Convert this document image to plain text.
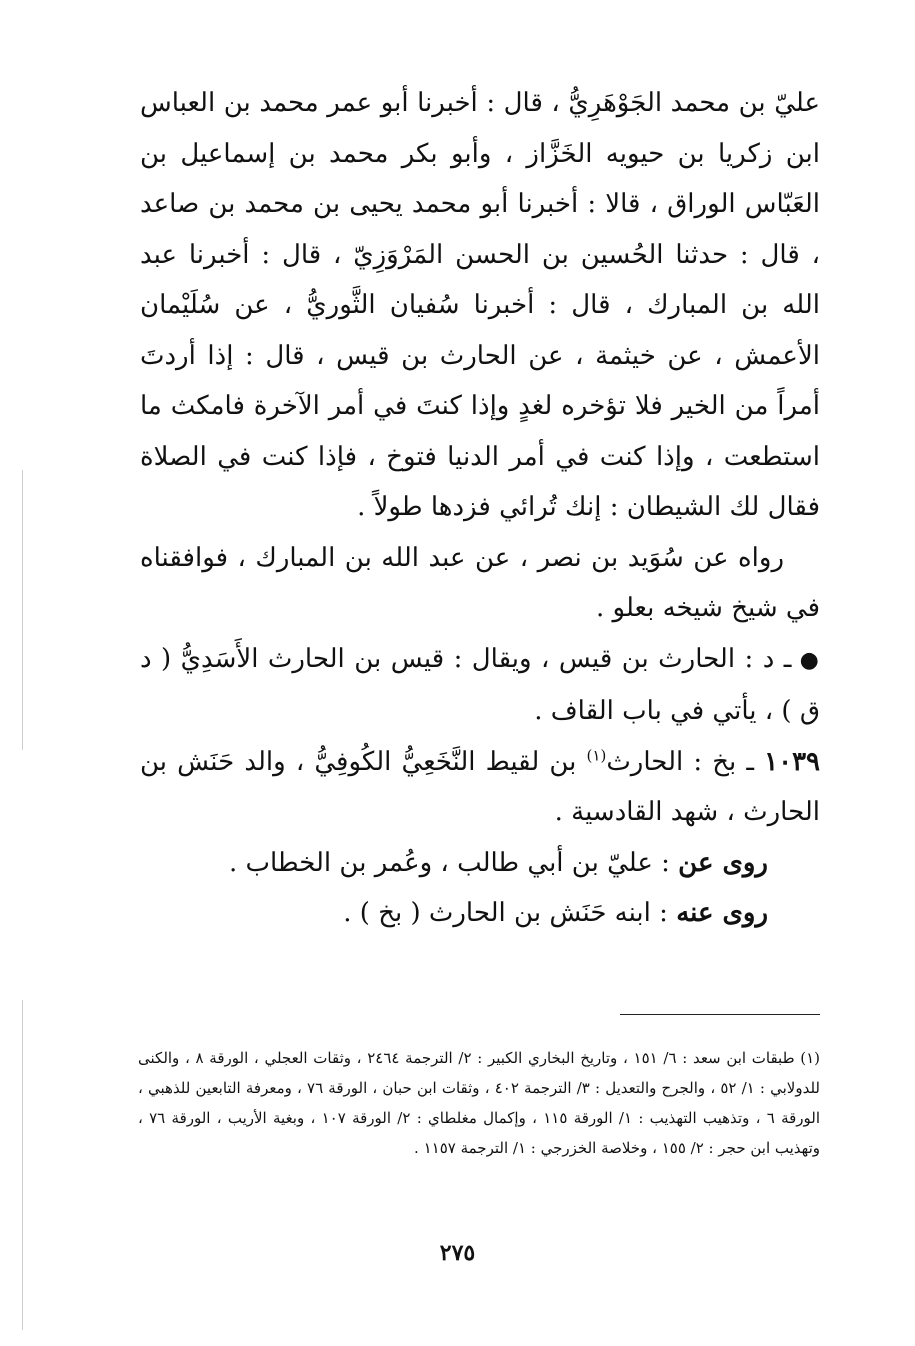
عليّ بن محمد الجَوْهَرِيُّ ، قال : أخبرنا أبو عمر محمد بن العباس ابن زكريا بن حيويه الخَزَّاز ، وأبو بكر محمد بن إسماعيل بن العَبّاس الوراق ، قالا : أخبرنا أبو محمد يحيى بن محمد بن صاعد ، قال : حدثنا الحُسين بن الحسن المَرْوَزِيّ ، قال : أخبرنا عبد الله بن المبارك ، قال : أخبرنا سُفيان الثَّوريُّ ، عن سُلَيْمان الأعمش ، عن خيثمة ، عن الحارث بن قيس ، قال : إذا أردتَ أمراً من الخير فلا تؤخره لغدٍ وإذا كنتَ في أمر الآخرة فامكث ما استطعت ، وإذا كنت في أمر الدنيا فتوخ ، فإذا كنت في الصلاة فقال لك الشيطان : إنك تُرائي فزدها طولاً .

رواه عن سُوَيد بن نصر ، عن عبد الله بن المبارك ، فوافقناه في شيخ شيخه بعلو .

● ـ د : الحارث بن قيس ، ويقال : قيس بن الحارث الأَسَدِيُّ ( د ق ) ، يأتي في باب القاف .

١٠٣٩ ـ بخ : الحارث$^{(١)}$ بن لقيط النَّخَعِيُّ الكُوفِيُّ ، والد حَنَش بن الحارث ، شهد القادسية .

روى عن : عليّ بن أبي طالب ، وعُمر بن الخطاب .

روى عنه : ابنه حَنَش بن الحارث ( بخ ) .

(١) طبقات ابن سعد : ٦/ ١٥١ ، وتاريخ البخاري الكبير : ٢/ الترجمة ٢٤٦٤ ، وثقات العجلي ، الورقة ٨ ، والكنى للدولابي : ١/ ٥٢ ، والجرح والتعديل : ٣/ الترجمة ٤٠٢ ، وثقات ابن حبان ، الورقة ٧٦ ، ومعرفة التابعين للذهبي ، الورقة ٦ ، وتذهيب التهذيب : ١/ الورقة ١١٥ ، وإكمال مغلطاي : ٢/ الورقة ١٠٧ ، وبغية الأريب ، الورقة ٧٦ ، وتهذيب ابن حجر : ٢/ ١٥٥ ، وخلاصة الخزرجي : ١/ الترجمة ١١٥٧ .

٢٧٥
